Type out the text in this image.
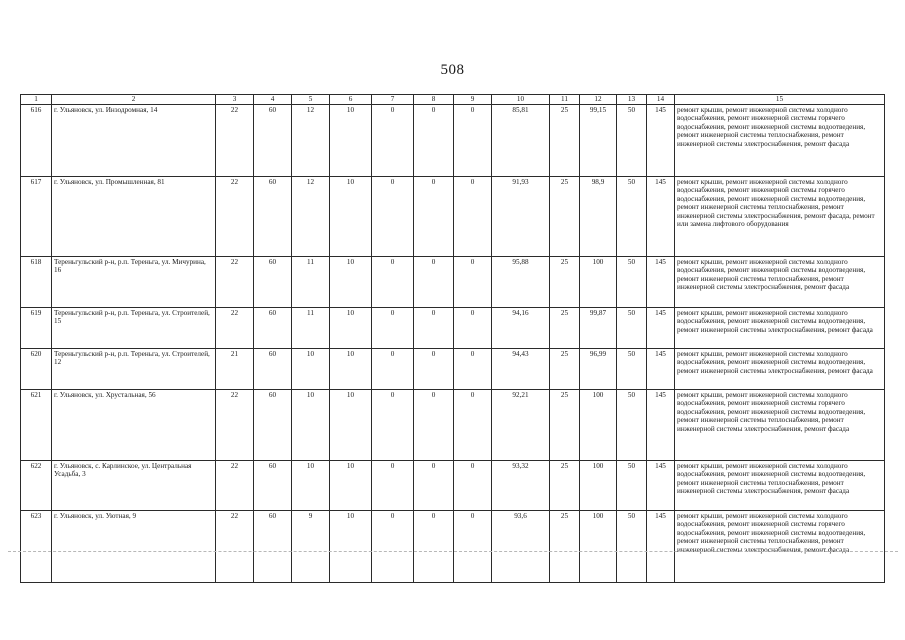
508
1	2	3	4	5	6	7	8	9	10	11	12	13	14	15
616	г. Ульяновск, ул. Инзодромная, 14	22	60	12	10	0	0	0	85,81	25	99,15	50	145	ремонт крыши, ремонт инженерной системы холодного водоснабжения, ремонт инженерной системы горячего водоснабжения, ремонт инженерной системы водоотведения, ремонт инженерной системы теплоснабжения, ремонт инженерной системы электроснабжения, ремонт фасада
617	г. Ульяновск, ул. Промышленная, 81	22	60	12	10	0	0	0	91,93	25	98,9	50	145	ремонт крыши, ремонт инженерной системы холодного водоснабжения, ремонт инженерной системы горячего водоснабжения, ремонт инженерной системы водоотведения, ремонт инженерной системы теплоснабжения, ремонт инженерной системы электроснабжения, ремонт фасада, ремонт или замена лифтового оборудования
618	Тереньгульский р-н, р.п. Тереньга, ул. Мичурина, 16	22	60	11	10	0	0	0	95,88	25	100	50	145	ремонт крыши, ремонт инженерной системы холодного водоснабжения, ремонт инженерной системы водоотведения, ремонт инженерной системы теплоснабжения, ремонт инженерной системы электроснабжения, ремонт фасада
619	Тереньгульский р-н, р.п. Тереньга, ул. Строителей, 15	22	60	11	10	0	0	0	94,16	25	99,87	50	145	ремонт крыши, ремонт инженерной системы холодного водоснабжения, ремонт инженерной системы водоотведения, ремонт инженерной системы электроснабжения, ремонт фасада
620	Тереньгульский р-н, р.п. Тереньга, ул. Строителей, 12	21	60	10	10	0	0	0	94,43	25	96,99	50	145	ремонт крыши, ремонт инженерной системы холодного водоснабжения, ремонт инженерной системы водоотведения, ремонт инженерной системы электроснабжения, ремонт фасада
621	г. Ульяновск, ул. Хрустальная, 56	22	60	10	10	0	0	0	92,21	25	100	50	145	ремонт крыши, ремонт инженерной системы холодного водоснабжения, ремонт инженерной системы горячего водоснабжения, ремонт инженерной системы водоотведения, ремонт инженерной системы теплоснабжения, ремонт инженерной системы электроснабжения, ремонт фасада
622	г. Ульяновск, с. Карлинское, ул. Центральная Усадьба, 3	22	60	10	10	0	0	0	93,32	25	100	50	145	ремонт крыши, ремонт инженерной системы холодного водоснабжения, ремонт инженерной системы водоотведения, ремонт инженерной системы теплоснабжения, ремонт инженерной системы электроснабжения, ремонт фасада
623	г. Ульяновск, ул. Уютная, 9	22	60	9	10	0	0	0	93,6	25	100	50	145	ремонт крыши, ремонт инженерной системы холодного водоснабжения, ремонт инженерной системы горячего водоснабжения, ремонт инженерной системы водоотведения, ремонт инженерной системы теплоснабжения, ремонт инженерной системы электроснабжения, ремонт фасада
